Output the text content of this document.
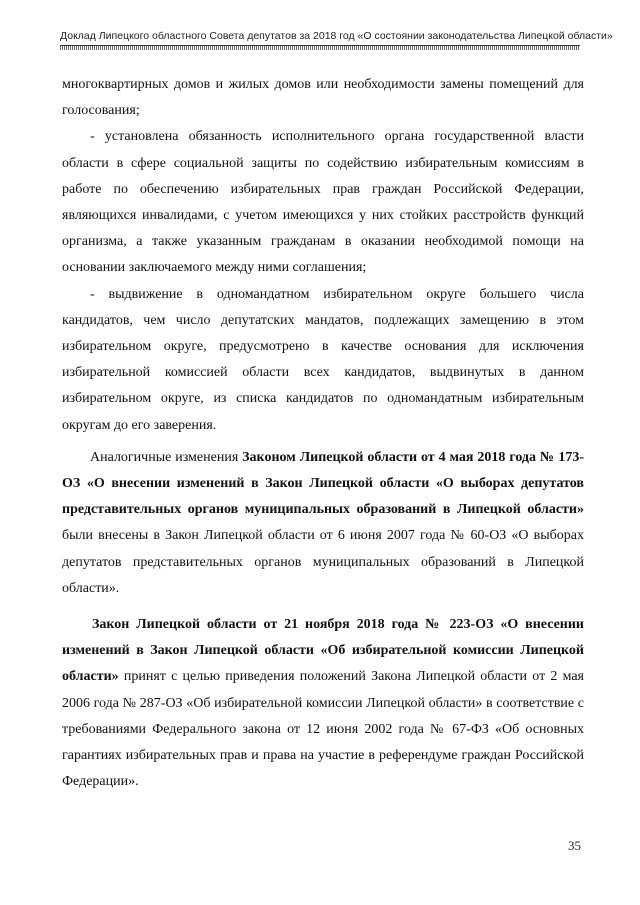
Доклад Липецкого областного Совета депутатов за 2018 год «О состоянии законодательства Липецкой области»

многоквартирных домов и жилых домов или необходимости замены помещений для голосования;

- установлена обязанность исполнительного органа государственной власти области в сфере социальной защиты по содействию избирательным комиссиям в работе по обеспечению избирательных прав граждан Российской Федерации, являющихся инвалидами, с учетом имеющихся у них стойких расстройств функций организма, а также указанным гражданам в оказании необходимой помощи на основании заключаемого между ними соглашения;

- выдвижение в одномандатном избирательном округе большего числа кандидатов, чем число депутатских мандатов, подлежащих замещению в этом избирательном округе, предусмотрено в качестве основания для исключения избирательной комиссией области всех кандидатов, выдвинутых в данном избирательном округе, из списка кандидатов по одномандатным избирательным округам до его заверения.

Аналогичные изменения Законом Липецкой области от 4 мая 2018 года № 173-ОЗ «О внесении изменений в Закон Липецкой области «О выборах депутатов представительных органов муниципальных образований в Липецкой области» были внесены в Закон Липецкой области от 6 июня 2007 года № 60-ОЗ «О выборах депутатов представительных органов муниципальных образований в Липецкой области».

Закон Липецкой области от 21 ноября 2018 года № 223-ОЗ «О внесении изменений в Закон Липецкой области «Об избирательной комиссии Липецкой области» принят с целью приведения положений Закона Липецкой области от 2 мая 2006 года № 287-ОЗ «Об избирательной комиссии Липецкой области» в соответствие с требованиями Федерального закона от 12 июня 2002 года № 67-ФЗ «Об основных гарантиях избирательных прав и права на участие в референдуме граждан Российской Федерации».

35
